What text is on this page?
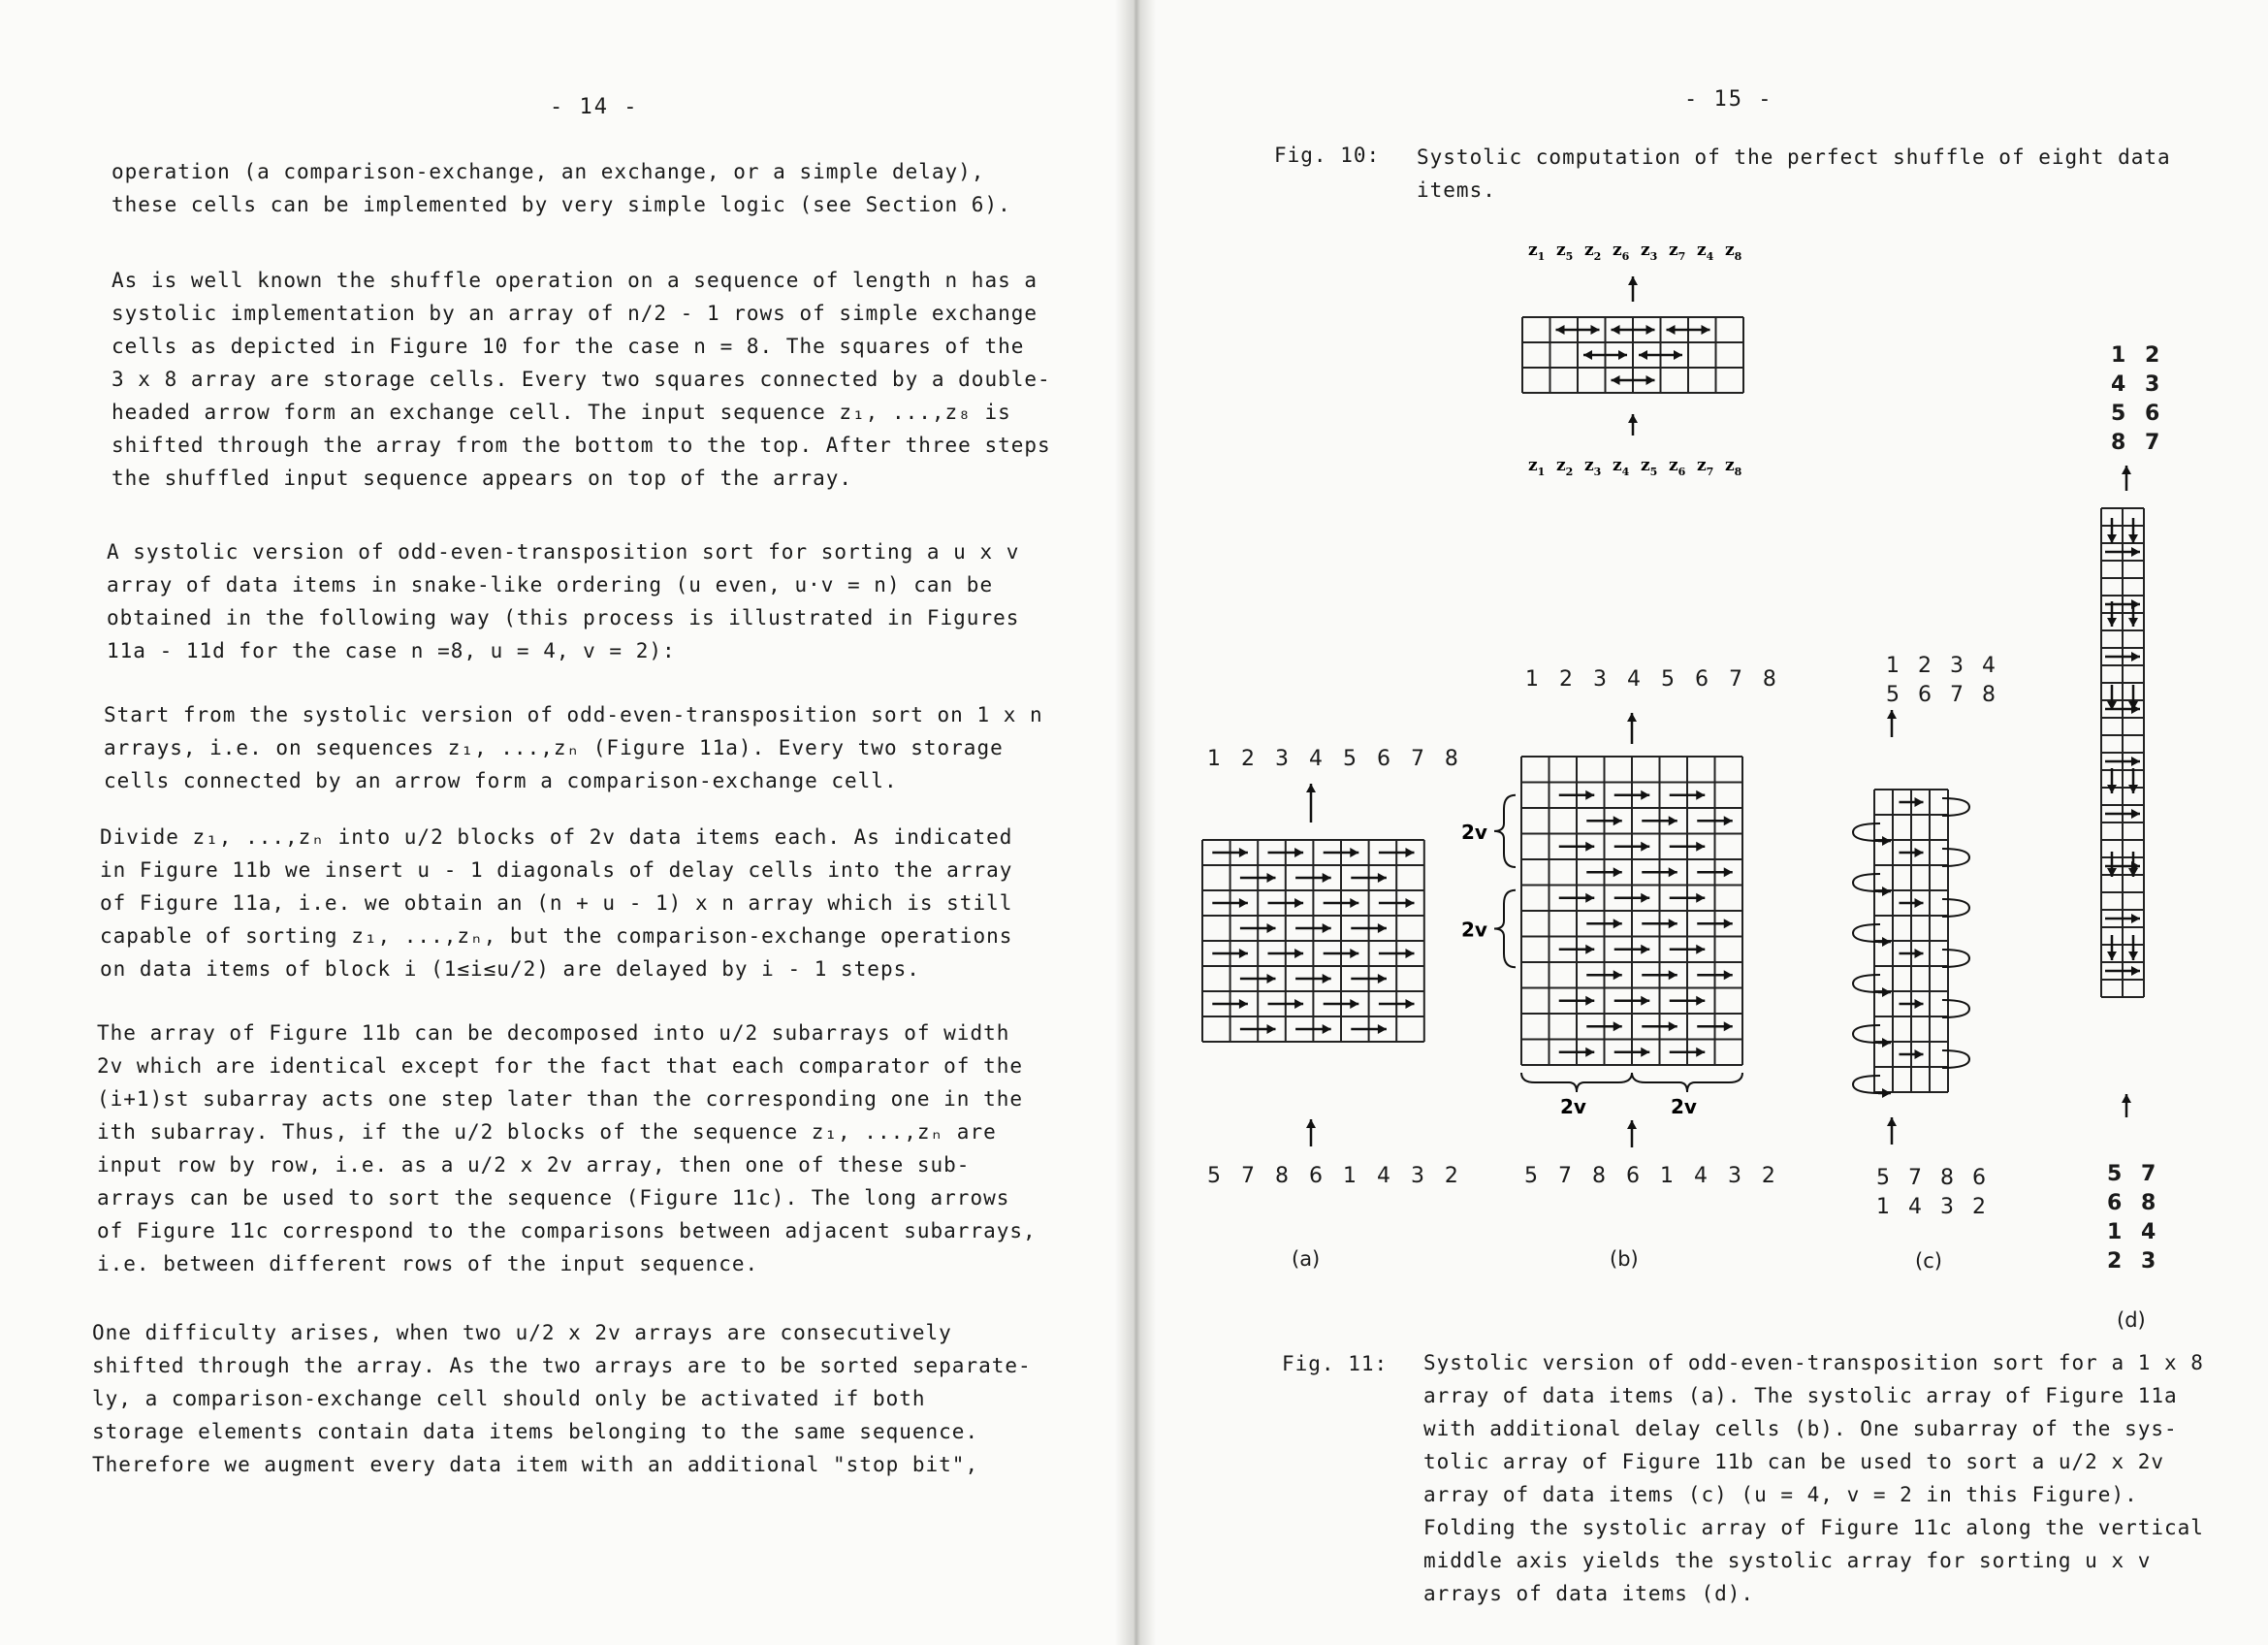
- 14 -
operation (a comparison-exchange, an exchange, or a simple delay),
these cells can be implemented by very simple logic (see Section 6).
As is well known the shuffle operation on a sequence of length n has a
systolic implementation by an array of n/2 - 1 rows of simple exchange
cells as depicted in Figure 10 for the case n = 8. The squares of the
3 x 8 array are storage cells. Every two squares connected by a double-
headed arrow form an exchange cell. The input sequence z₁, ...,z₈ is
shifted through the array from the bottom to the top. After three steps
the shuffled input sequence appears on top of the array.
A systolic version of odd-even-transposition sort for sorting a u x v
array of data items in snake-like ordering (u even, u·v = n) can be
obtained in the following way (this process is illustrated in Figures
11a - 11d for the case n =8, u = 4, v = 2):
Start from the systolic version of odd-even-transposition sort on 1 x n
arrays, i.e. on sequences z₁, ...,zₙ (Figure 11a). Every two storage
cells connected by an arrow form a comparison-exchange cell.
Divide z₁, ...,zₙ into u/2 blocks of 2v data items each. As indicated
in Figure 11b we insert u - 1 diagonals of delay cells into the array
of Figure 11a, i.e. we obtain an (n + u - 1) x n array which is still
capable of sorting z₁, ...,zₙ, but the comparison-exchange operations
on data items of block i (1≤i≤u/2) are delayed by i - 1 steps.
The array of Figure 11b can be decomposed into u/2 subarrays of width
2v which are identical except for the fact that each comparator of the
(i+1)st subarray acts one step later than the corresponding one in the
ith subarray. Thus, if the u/2 blocks of the sequence z₁, ...,zₙ are
input row by row, i.e. as a u/2 x 2v array, then one of these sub-
arrays can be used to sort the sequence (Figure 11c). The long arrows
of Figure 11c correspond to the comparisons between adjacent subarrays,
i.e. between different rows of the input sequence.
One difficulty arises, when two u/2 x 2v arrays are consecutively
shifted through the array. As the two arrays are to be sorted separate-
ly, a comparison-exchange cell should only be activated if both
storage elements contain data items belonging to the same sequence.
Therefore we augment every data item with an additional "stop bit",
- 15 -
Fig. 10: Systolic computation of the perfect shuffle of eight data
items.
$z_1$ $z_5$ $z_2$ $z_6$ $z_3$ $z_7$ $z_4$ $z_8$
$z_1$ $z_2$ $z_3$ $z_4$ $z_5$ $z_6$ $z_7$ $z_8$
1 2 3 4 5 6 7 8
5 7 8 6 1 4 3 2
(a)
1 2 3 4 5 6 7 8
2v
2v
2v	2v
5 7 8 6 1 4 3 2
(b)
1 2 3 4
5 6 7 8
5 7 8 6
1 4 3 2
(c)
1 2
4 3
5 6
8 7
5 7
6 8
1 4
2 3
(d)
Fig. 11: Systolic version of odd-even-transposition sort for a 1 x 8
array of data items (a). The systolic array of Figure 11a
with additional delay cells (b). One subarray of the sys-
tolic array of Figure 11b can be used to sort a u/2 x 2v
array of data items (c) (u = 4, v = 2 in this Figure).
Folding the systolic array of Figure 11c along the vertical
middle axis yields the systolic array for sorting u x v
arrays of data items (d).
